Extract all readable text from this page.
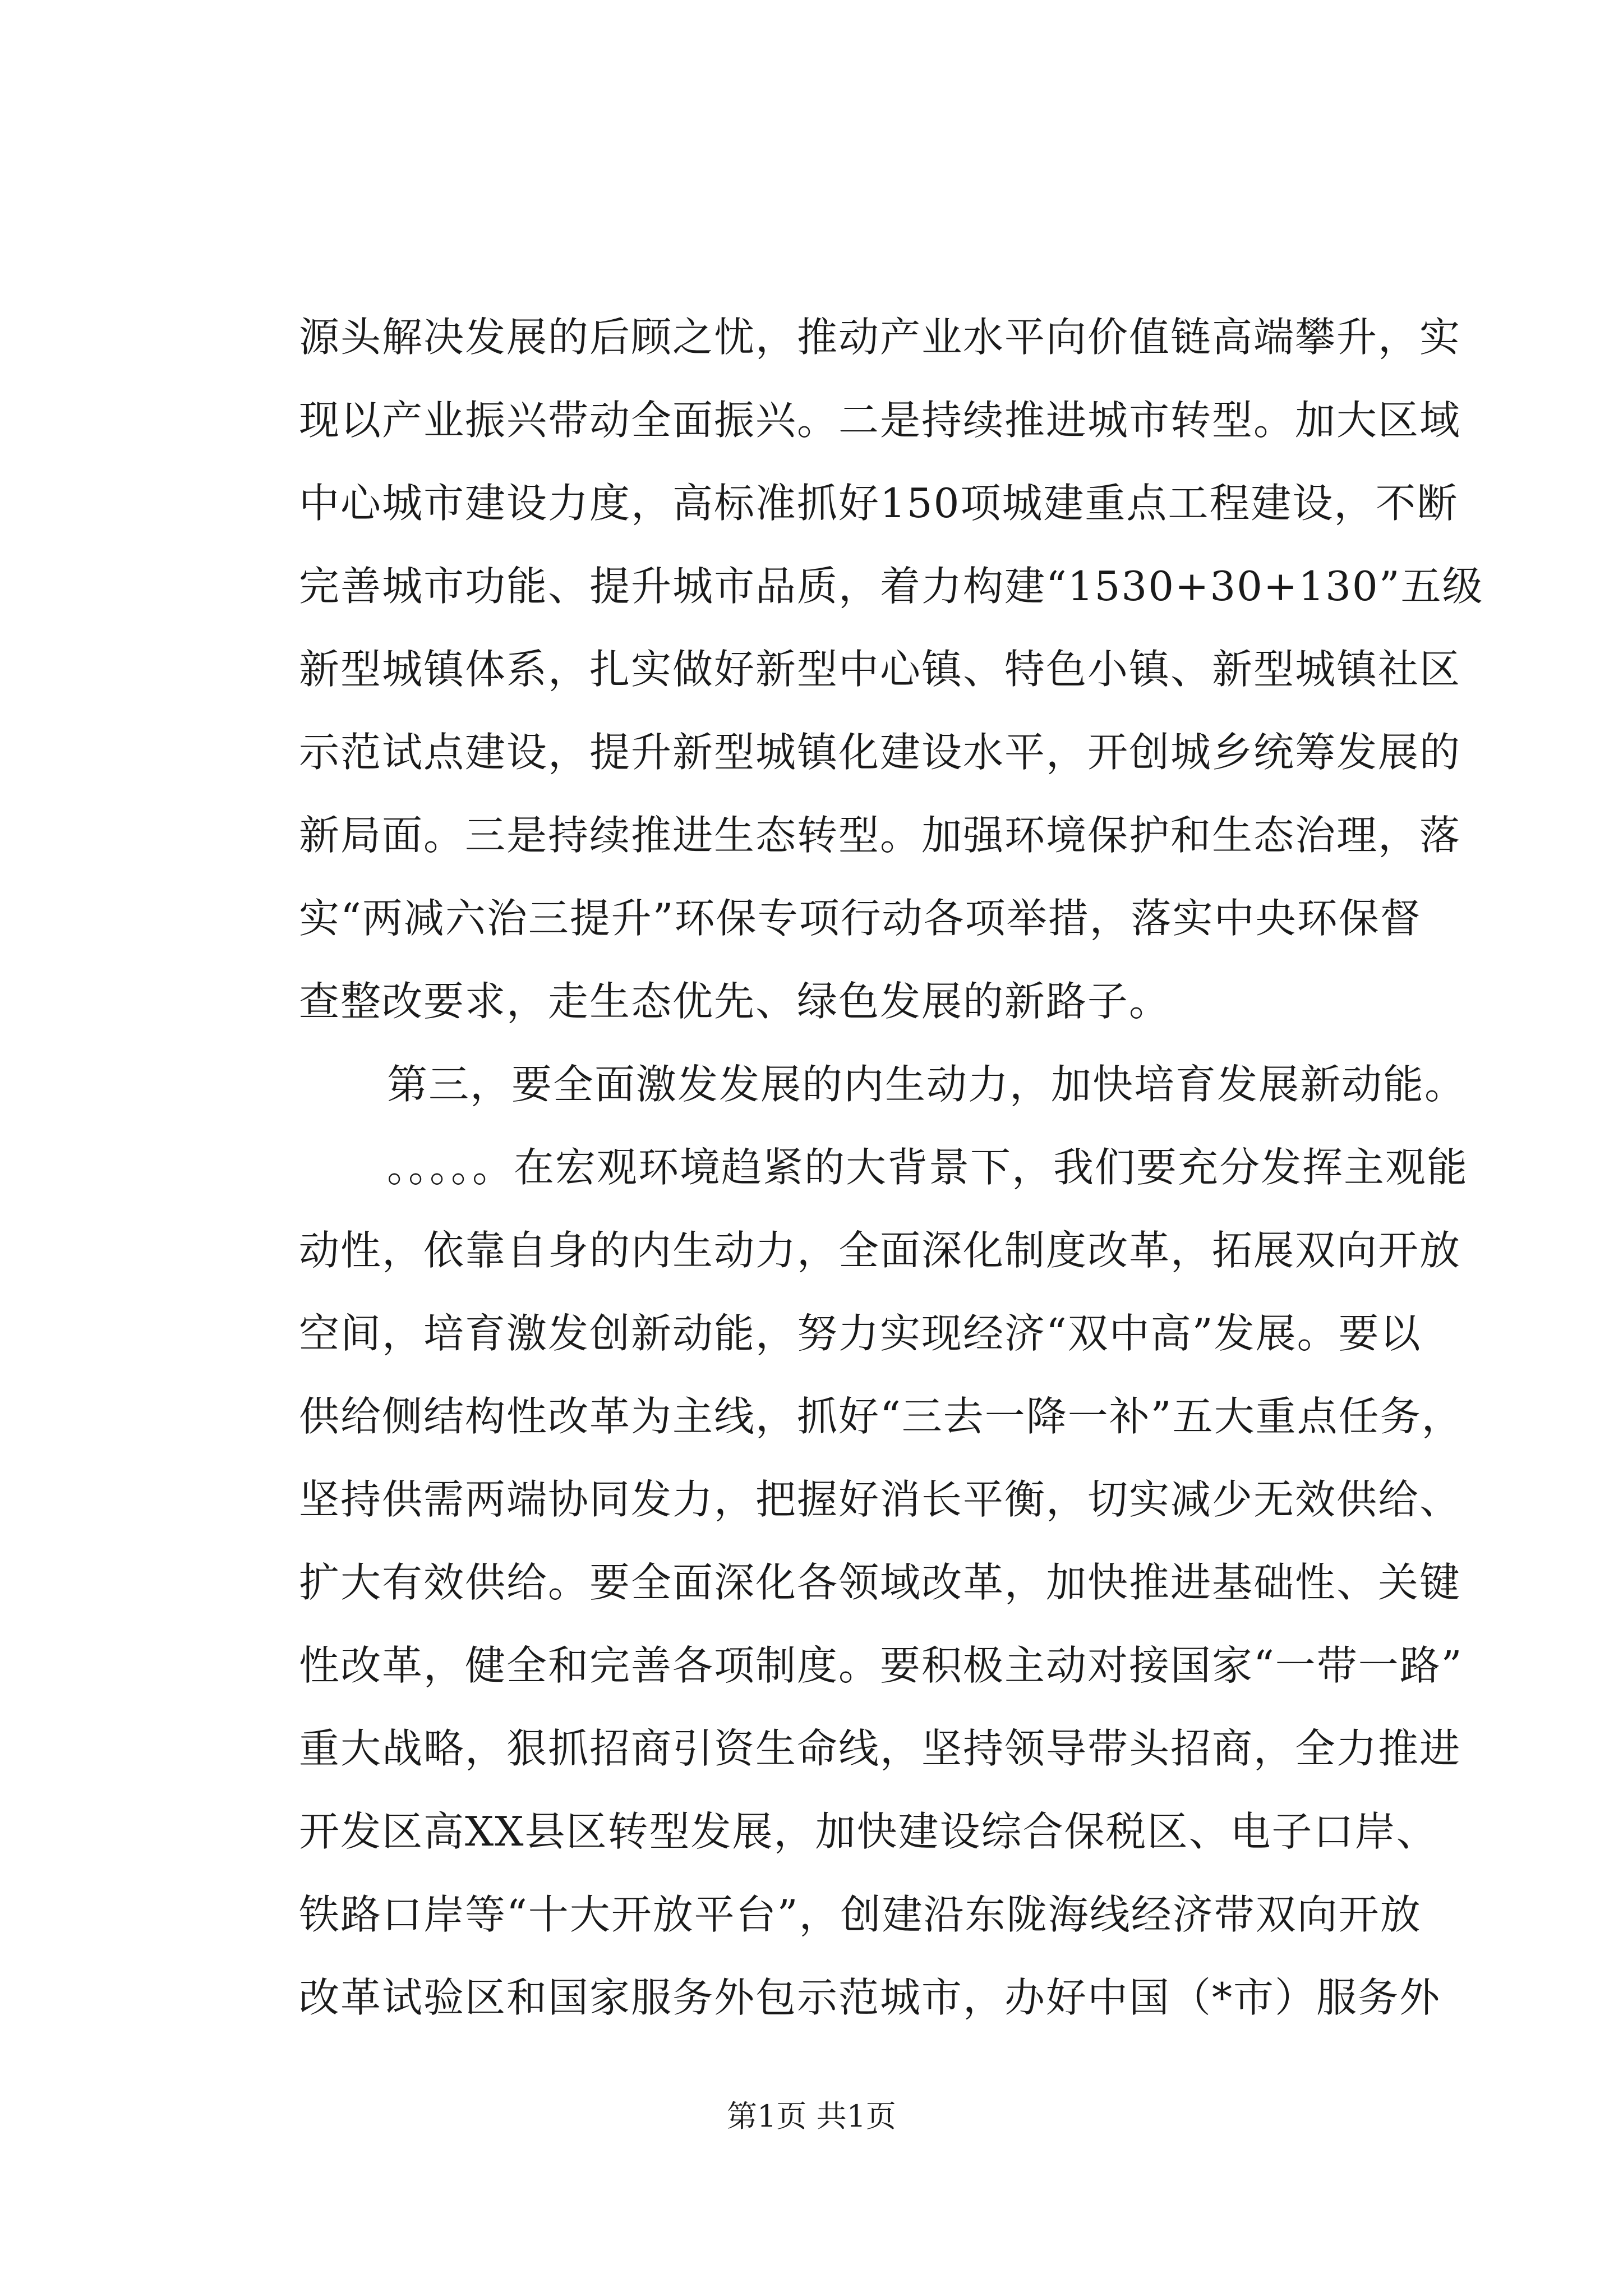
源头解决发展的后顾之忧，推动产业水平向价值链高端攀升，实
现以产业振兴带动全面振兴。二是持续推进城市转型。加大区域
中心城市建设力度，高标准抓好150项城建重点工程建设，不断
完善城市功能、提升城市品质，着力构建“1530+30+130”五级
新型城镇体系，扎实做好新型中心镇、特色小镇、新型城镇社区
示范试点建设，提升新型城镇化建设水平，开创城乡统筹发展的
新局面。三是持续推进生态转型。加强环境保护和生态治理，落
实“两减六治三提升”环保专项行动各项举措，落实中央环保督
查整改要求，走生态优先、绿色发展的新路子。
第三，要全面激发发展的内生动力，加快培育发展新动能。
。。。。。在宏观环境趋紧的大背景下，我们要充分发挥主观能
动性，依靠自身的内生动力，全面深化制度改革，拓展双向开放
空间，培育激发创新动能，努力实现经济“双中高”发展。要以
供给侧结构性改革为主线，抓好“三去一降一补”五大重点任务，
坚持供需两端协同发力，把握好消长平衡，切实减少无效供给、
扩大有效供给。要全面深化各领域改革，加快推进基础性、关键
性改革，健全和完善各项制度。要积极主动对接国家“一带一路”
重大战略，狠抓招商引资生命线，坚持领导带头招商，全力推进
开发区高XX县区转型发展，加快建设综合保税区、电子口岸、
铁路口岸等“十大开放平台”，创建沿东陇海线经济带双向开放
改革试验区和国家服务外包示范城市，办好中国（*市）服务外
第1页 共1页
